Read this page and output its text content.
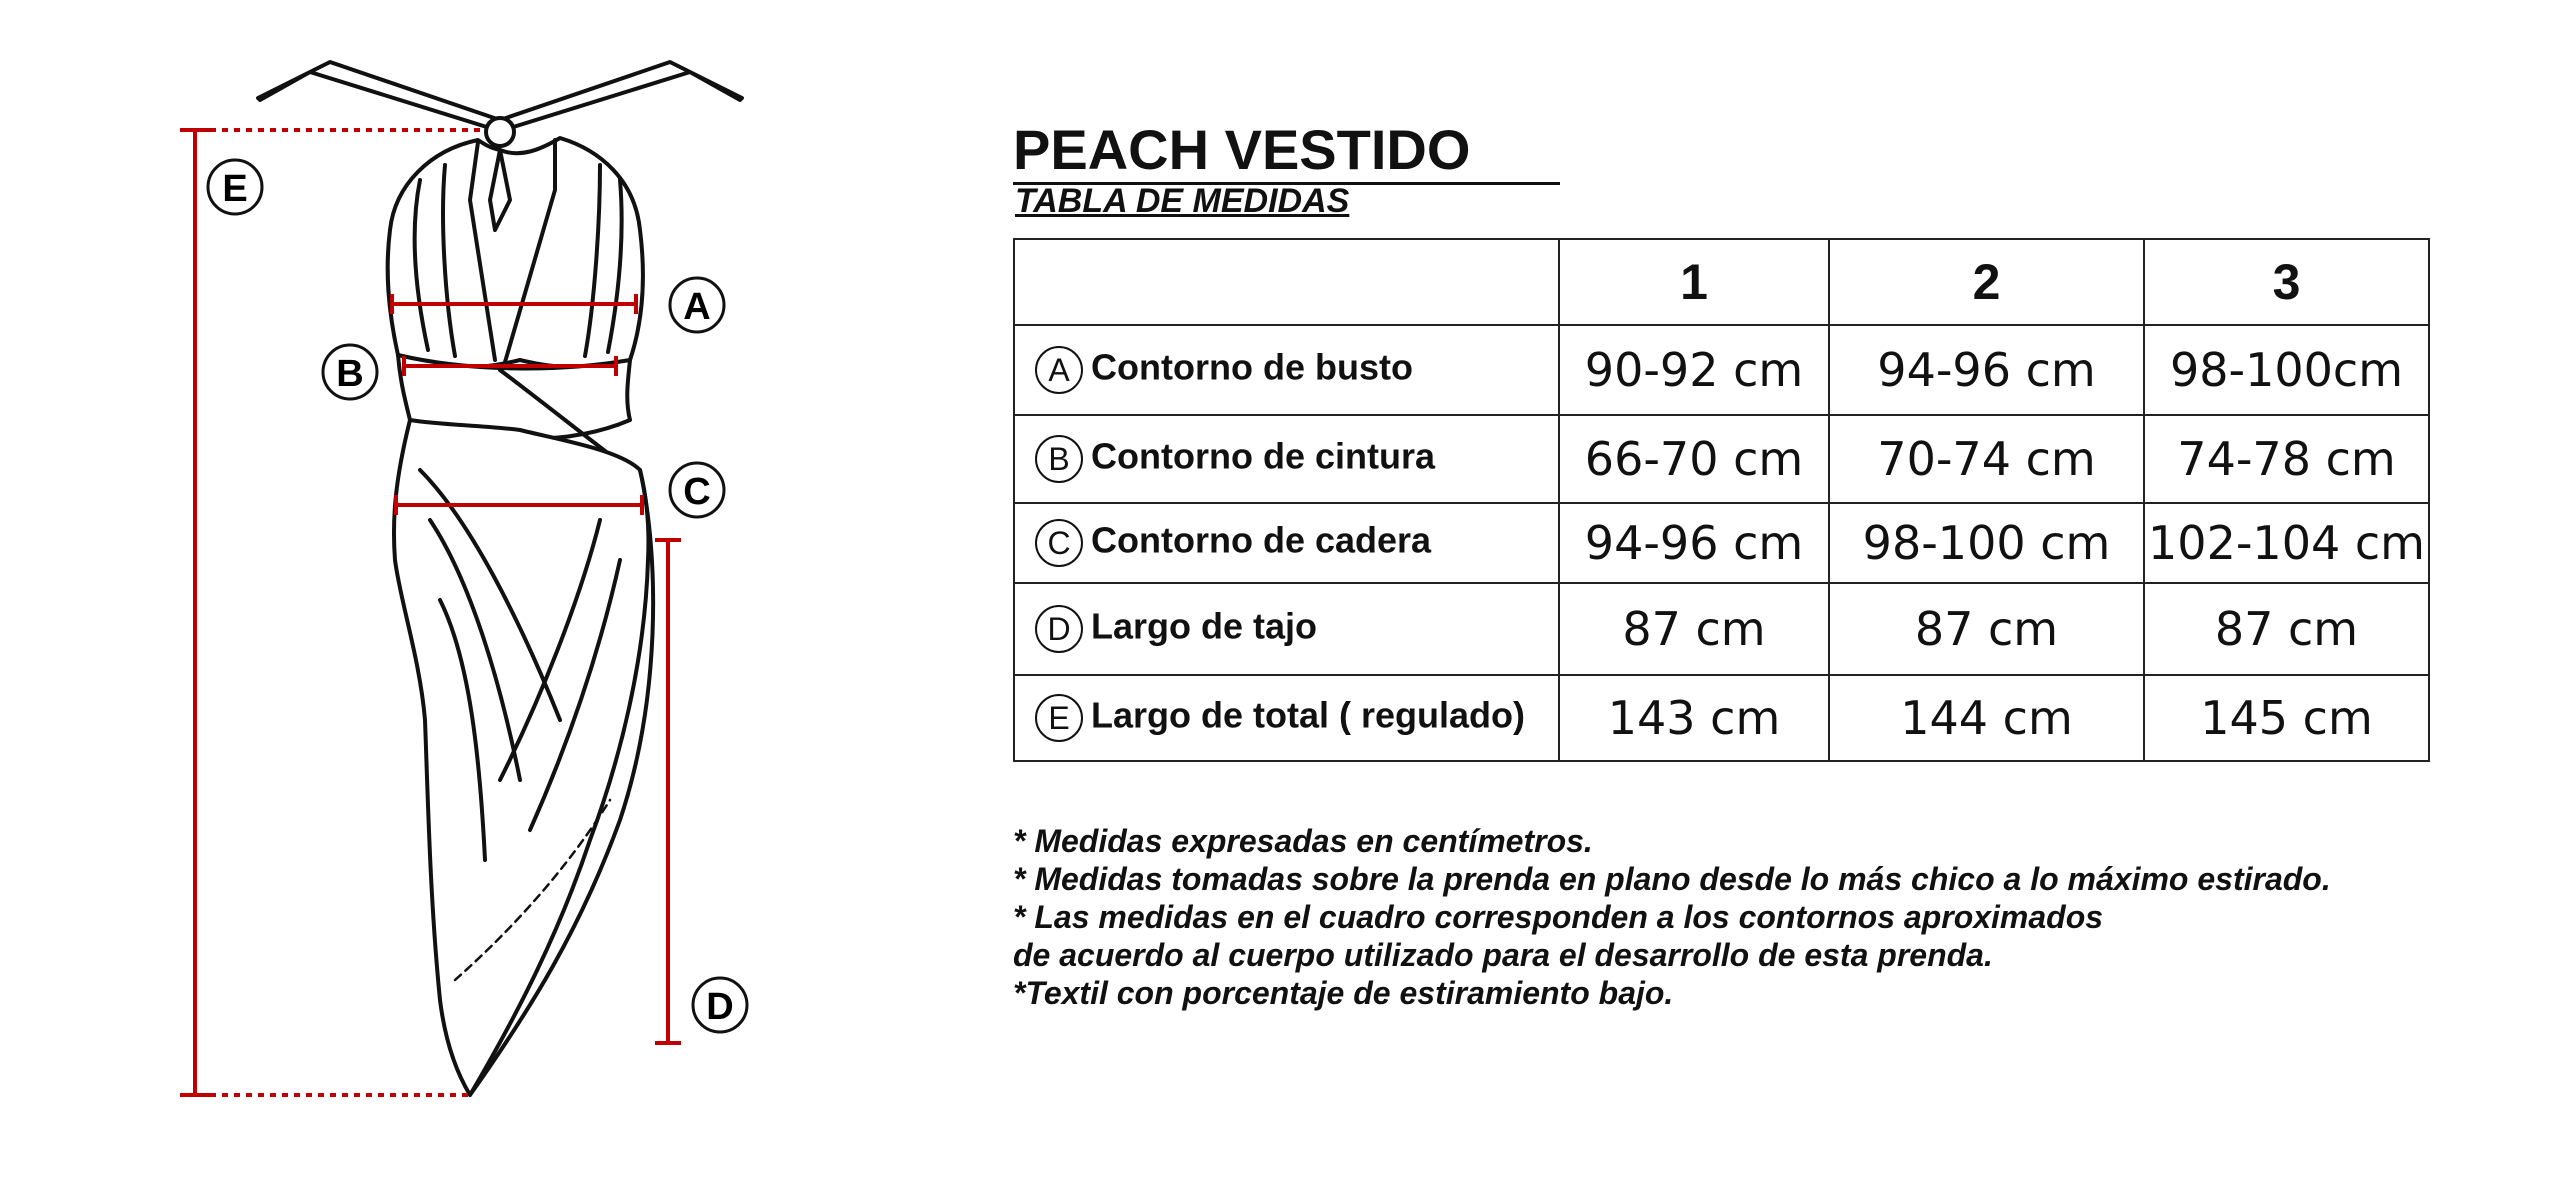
E
A
B
C
D
PEACH VESTIDO
TABLA DE MEDIDAS
	1	2	3
A Contorno de busto	90-92 cm	94-96 cm	98-100cm
B Contorno de cintura	66-70 cm	70-74 cm	74-78 cm
C Contorno de cadera	94-96 cm	98-100 cm	102-104 cm
D Largo de tajo	87 cm	87 cm	87 cm
E Largo de total ( regulado)	143 cm	144 cm	145 cm
* Medidas expresadas en centímetros.
* Medidas tomadas sobre la prenda en plano desde lo más chico a lo máximo estirado.
* Las medidas en el cuadro corresponden a los contornos aproximados
de acuerdo al cuerpo utilizado para el desarrollo de esta prenda.
*Textil con porcentaje de estiramiento bajo.
